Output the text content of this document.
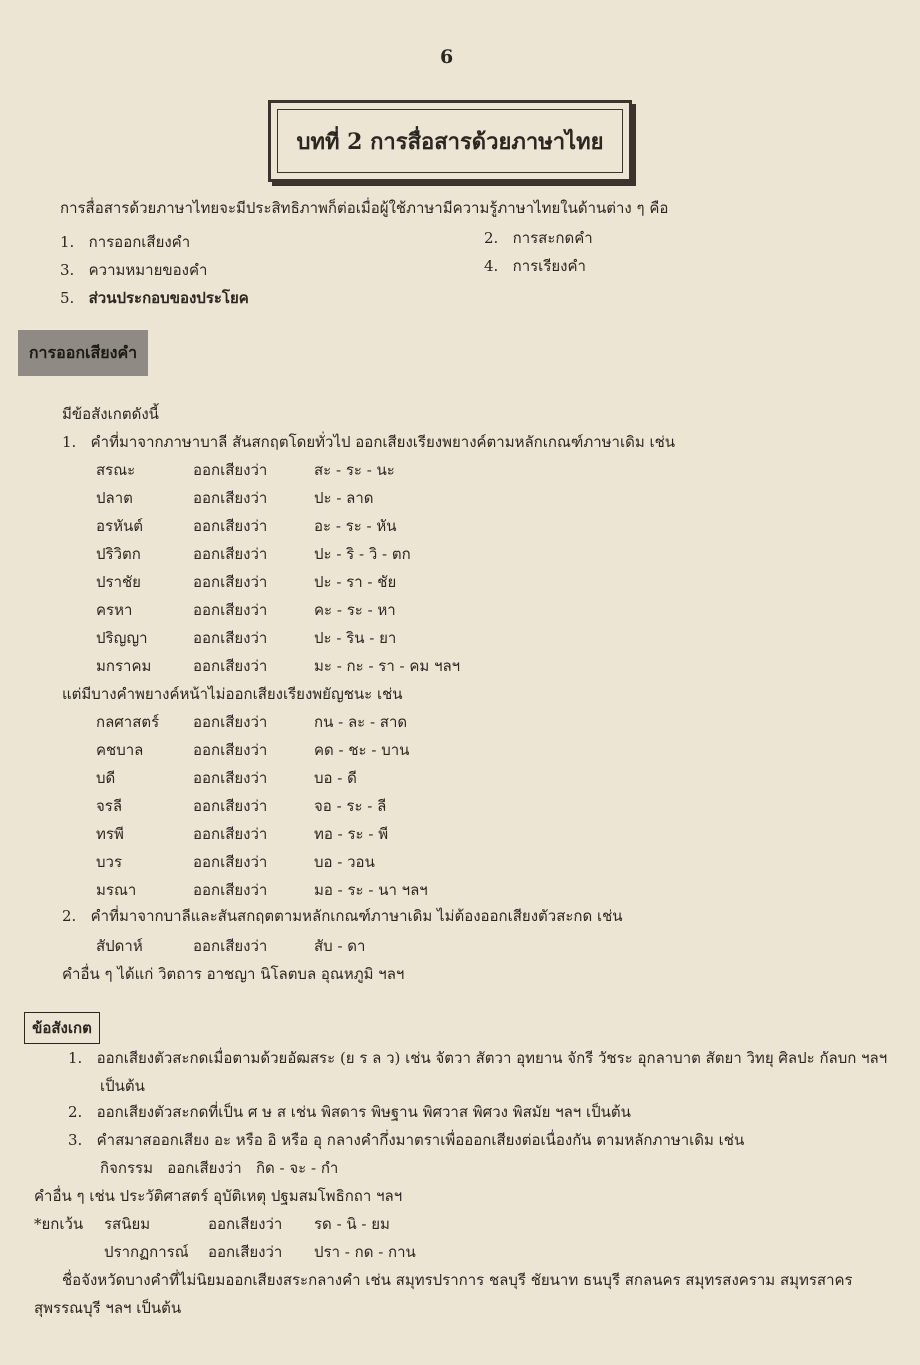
6
บทที่ 2 การสื่อสารด้วยภาษาไทย
การสื่อสารด้วยภาษาไทยจะมีประสิทธิภาพก็ต่อเมื่อผู้ใช้ภาษามีความรู้ภาษาไทยในด้านต่าง ๆ คือ
1. การออกเสียงคำ	2. การสะกดคำ
3. ความหมายของคำ	4. การเรียงคำ
5. ส่วนประกอบของประโยค
การออกเสียงคำ
มีข้อสังเกตดังนี้
1. คำที่มาจากภาษาบาลี สันสกฤตโดยทั่วไป ออกเสียงเรียงพยางค์ตามหลักเกณฑ์ภาษาเดิม เช่น
สรณะ	ออกเสียงว่า	สะ - ระ - นะ
ปลาต	ออกเสียงว่า	ปะ - ลาด
อรหันต์	ออกเสียงว่า	อะ - ระ - หัน
ปริวิตก	ออกเสียงว่า	ปะ - ริ - วิ - ตก
ปราชัย	ออกเสียงว่า	ปะ - รา - ชัย
ครหา	ออกเสียงว่า	คะ - ระ - หา
ปริญญา	ออกเสียงว่า	ปะ - ริน - ยา
มกราคม	ออกเสียงว่า	มะ - กะ - รา - คม ฯลฯ
แต่มีบางคำพยางค์หน้าไม่ออกเสียงเรียงพยัญชนะ เช่น
กลศาสตร์ ออกเสียงว่า	กน - ละ - สาด
คชบาล	ออกเสียงว่า	คด - ชะ - บาน
บดี	ออกเสียงว่า	บอ - ดี
จรลี	ออกเสียงว่า	จอ - ระ - ลี
ทรพี	ออกเสียงว่า	ทอ - ระ - พี
บวร	ออกเสียงว่า	บอ - วอน
มรณา	ออกเสียงว่า	มอ - ระ - นา ฯลฯ
2. คำที่มาจากบาลีและสันสกฤตตามหลักเกณฑ์ภาษาเดิม ไม่ต้องออกเสียงตัวสะกด เช่น
สัปดาห์	ออกเสียงว่า	สับ - ดา
คำอื่น ๆ ได้แก่ วิตถาร อาชญา นิโลตบล อุณหภูมิ ฯลฯ
ข้อสังเกต
1. ออกเสียงตัวสะกดเมื่อตามด้วยอัฒสระ (ย ร ล ว) เช่น จัตวา สัตวา อุทยาน จักรี วัชระ อุกลาบาต สัตยา วิทยุ ศิลปะ กัลบก ฯลฯ
เป็นต้น
2. ออกเสียงตัวสะกดที่เป็น ศ ษ ส เช่น พิสดาร พิษฐาน พิศวาส พิศวง พิสมัย ฯลฯ เป็นต้น
3. คำสมาสออกเสียง อะ หรือ อิ หรือ อุ กลางคำกึ่งมาตราเพื่อออกเสียงต่อเนื่องกัน ตามหลักภาษาเดิม เช่น
กิจกรรม ออกเสียงว่า กิด - จะ - กำ
คำอื่น ๆ เช่น ประวัติศาสตร์ อุบัติเหตุ ปฐมสมโพธิกถา ฯลฯ
*ยกเว้น รสนิยม	ออกเสียงว่า รด - นิ - ยม
ปรากฏการณ์ ออกเสียงว่า ปรา - กด - กาน
ชื่อจังหวัดบางคำที่ไม่นิยมออกเสียงสระกลางคำ เช่น สมุทรปราการ ชลบุรี ชัยนาท ธนบุรี สกลนคร สมุทรสงคราม สมุทรสาคร
สุพรรณบุรี ฯลฯ เป็นต้น
